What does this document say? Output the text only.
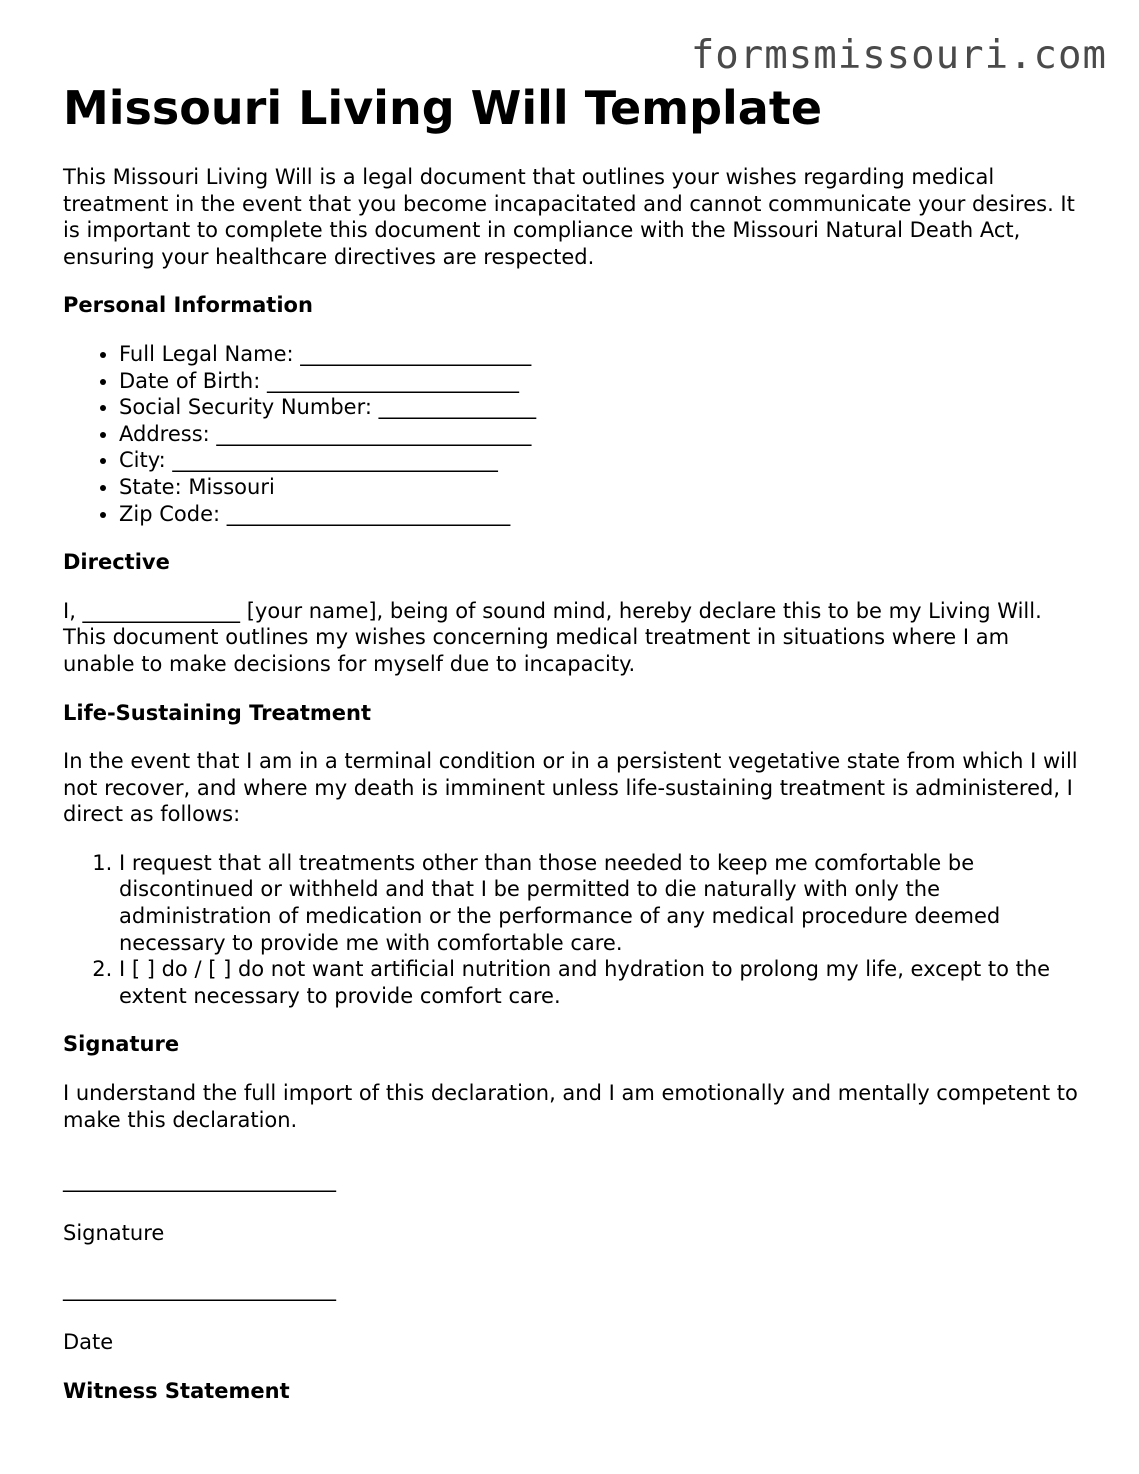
formsmissouri.com
Missouri Living Will Template

This Missouri Living Will is a legal document that outlines your wishes regarding medical treatment in the event that you become incapacitated and cannot communicate your desires. It is important to complete this document in compliance with the Missouri Natural Death Act, ensuring your healthcare directives are respected.

Personal Information
• Full Legal Name: ______________________
• Date of Birth: ________________________
• Social Security Number: _______________
• Address: ______________________________
• City: _______________________________
• State: Missouri
• Zip Code: ___________________________
Directive

I, _______________ [your name], being of sound mind, hereby declare this to be my Living Will. This document outlines my wishes concerning medical treatment in situations where I am unable to make decisions for myself due to incapacity.

Life-Sustaining Treatment

In the event that I am in a terminal condition or in a persistent vegetative state from which I will not recover, and where my death is imminent unless life-sustaining treatment is administered, I direct as follows:

1. I request that all treatments other than those needed to keep me comfortable be discontinued or withheld and that I be permitted to die naturally with only the administration of medication or the performance of any medical procedure deemed necessary to provide me with comfortable care.
2. I [ ] do / [ ] do not want artificial nutrition and hydration to prolong my life, except to the extent necessary to provide comfort care.
Signature

I understand the full import of this declaration, and I am emotionally and mentally competent to make this declaration.

__________________________

Signature

__________________________

Date

Witness Statement
